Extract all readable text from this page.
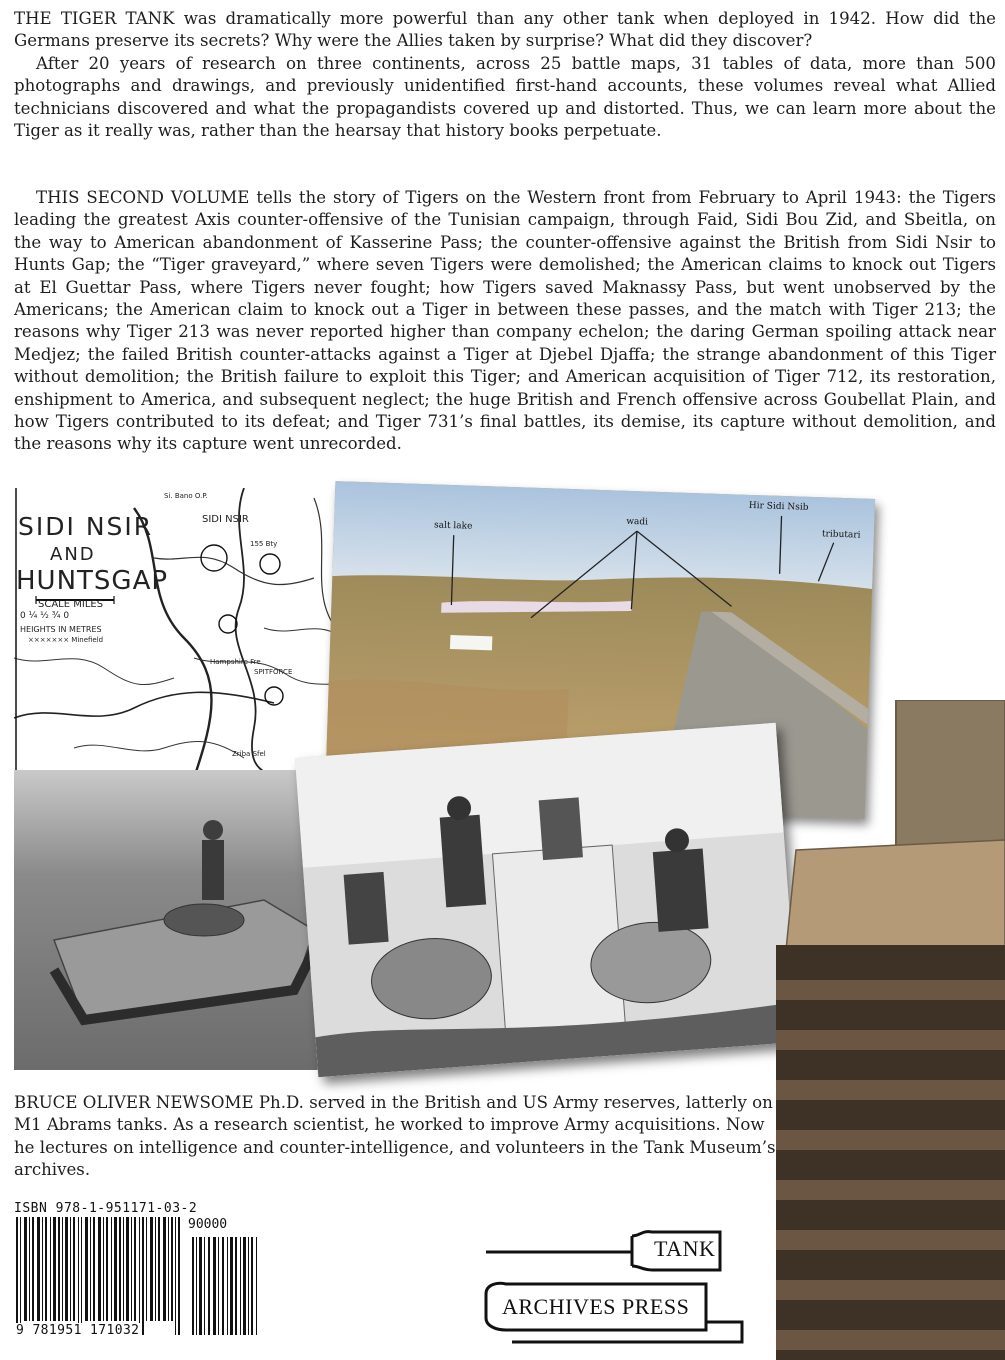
THE TIGER TANK was dramatically more powerful than any other tank when deployed in 1942. How did the Germans preserve its secrets? Why were the Allies taken by surprise? What did they discover?

After 20 years of research on three continents, across 25 battle maps, 31 tables of data, more than 500 photographs and drawings, and previously unidentified first-hand accounts, these volumes reveal what Allied technicians discovered and what the propagandists covered up and distorted. Thus, we can learn more about the Tiger as it really was, rather than the hearsay that history books perpetuate.

THIS SECOND VOLUME tells the story of Tigers on the Western front from February to April 1943: the Tigers leading the greatest Axis counter-offensive of the Tunisian campaign, through Faid, Sidi Bou Zid, and Sbeitla, on the way to American abandonment of Kasserine Pass; the counter-offensive against the British from Sidi Nsir to Hunts Gap; the “Tiger graveyard,” where seven Tigers were demolished; the American claims to knock out Tigers at El Guettar Pass, where Tigers never fought; how Tigers saved Maknassy Pass, but went unobserved by the Americans; the American claim to knock out a Tiger in between these passes, and the match with Tiger 213; the reasons why Tiger 213 was never reported higher than company echelon; the daring German spoiling attack near Medjez; the failed British counter-attacks against a Tiger at Djebel Djaffa; the strange abandonment of this Tiger without demolition; the British failure to exploit this Tiger; and American acquisition of Tiger 712, its restoration, enshipment to America, and subsequent neglect; the huge British and French offensive across Goubellat Plain, and how Tigers contributed to its defeat; and Tiger 731’s final battles, its demise, its capture without demolition, and the reasons why its capture went unrecorded.

SIDI NSIR
AND
HUNTSGAP
SCALE MILES
0 ¼ ½ ¾ 0
HEIGHTS IN METRES
××××××× Minefield
SIDI NSIR
SPITFORCE
Hampshire Fre
155 Bty
Zriba Sfel
Si. Bano O.P.
salt lake	wadi
Hir Sidi Nsib
tributari

BRUCE OLIVER NEWSOME Ph.D. served in the British and US Army reserves, latterly on M1 Abrams tanks. As a research scientist, he worked to improve Army acquisitions. Now he lectures on intelligence and counter-intelligence, and volunteers in the Tank Museum’s archives.

ISBN 978-1-951171-03-2
90000
9 781951 171032
TANK
ARCHIVES PRESS
